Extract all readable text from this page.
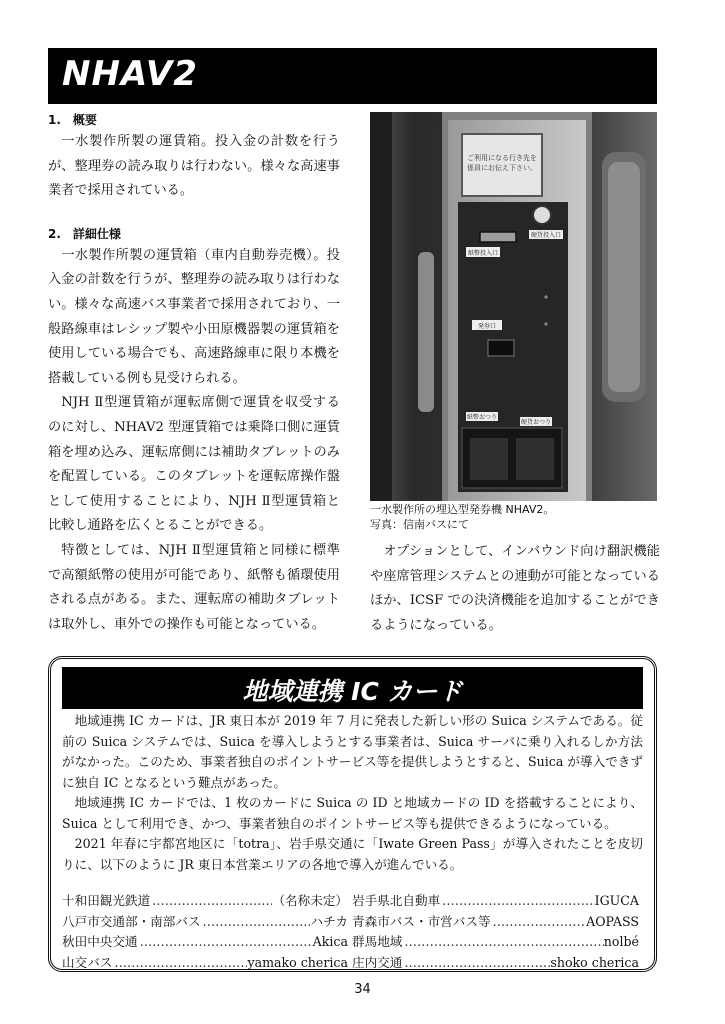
NHAV2
1.　概要

一水製作所製の運賃箱。投入金の計数を行うが、整理券の読み取りは行わない。様々な高速事業者で採用されている。

2.　詳細仕様

一水製作所製の運賃箱（車内自動券売機）。投入金の計数を行うが、整理券の読み取りは行わない。様々な高速バス事業者で採用されており、一般路線車はレシップ製や小田原機器製の運賃箱を使用している場合でも、高速路線車に限り本機を搭載している例も見受けられる。

NJH Ⅱ型運賃箱が運転席側で運賃を収受するのに対し、NHAV2 型運賃箱では乗降口側に運賃箱を埋め込み、運転席側には補助タブレットのみを配置している。このタブレットを運転席操作盤として使用することにより、NJH Ⅱ型運賃箱と比較し通路を広くとることができる。

特徴としては、NJH Ⅱ型運賃箱と同様に標準で高額紙幣の使用が可能であり、紙幣も循環使用される点がある。また、運転席の補助タブレットは取外し、車外での操作も可能となっている。

ご利用になる行き先を
係員にお伝え下さい。
硬貨投入口
紙幣投入口
発券口
紙幣おつり
硬貨おつり
一水製作所の埋込型発券機 NHAV2。
写真：信南バスにて

オプションとして、インバウンド向け翻訳機能や座席管理システムとの連動が可能となっているほか、ICSF での決済機能を追加することができるようになっている。

地域連携 IC カード

地域連携 IC カードは、JR 東日本が 2019 年 7 月に発表した新しい形の Suica システムである。従前の Suica システムでは、Suica を導入しようとする事業者は、Suica サーバに乗り入れるしか方法がなかった。このため、事業者独自のポイントサービス等を提供しようとすると、Suica が導入できずに独自 IC となるという難点があった。

地域連携 IC カードでは、1 枚のカードに Suica の ID と地域カードの ID を搭載することにより、Suica として利用でき、かつ、事業者独自のポイントサービス等も提供できるようになっている。

2021 年春に宇都宮地区に「totra」、岩手県交通に「Iwate Green Pass」が導入されたことを皮切りに、以下のように JR 東日本営業エリアの各地で導入が進んでいる。

十和田観光鉄道 …………………………………………………………	（名称未定） 岩手県北自動車 …………………………………………………………	IGUCA
八戸市交通部・南部バス …………………………………………………………	ハチカ 青森市バス・市営バス等 …………………………………………………………	AOPASS
秋田中央交通 …………………………………………………………	Akica 群馬地域 …………………………………………………………	nolbé
山交バス …………………………………………………………	yamako cherica 庄内交通 …………………………………………………………	shoko cherica
34
